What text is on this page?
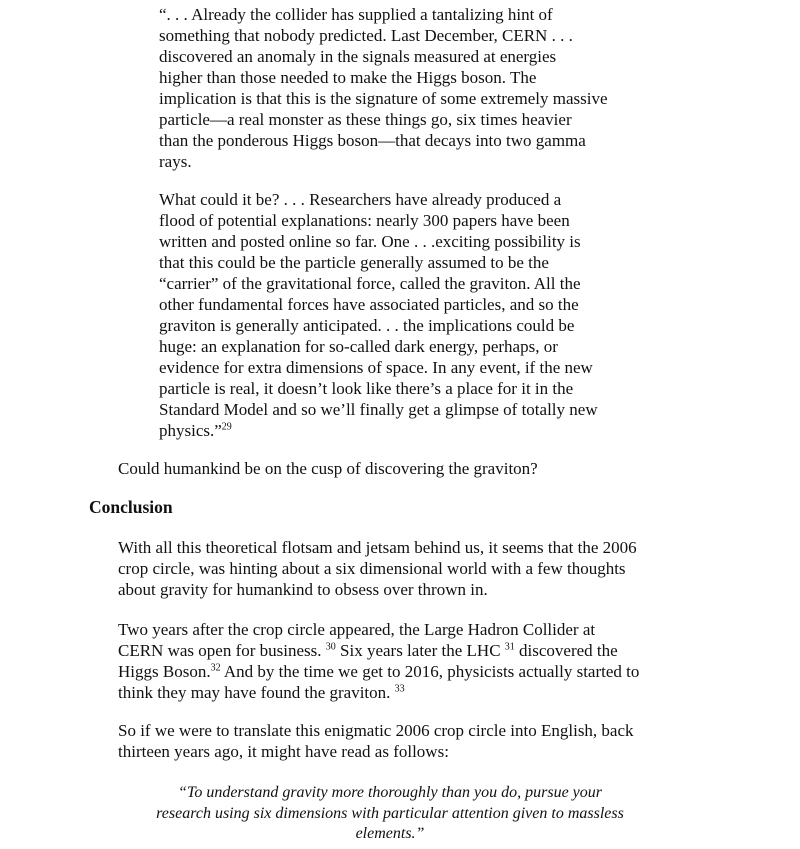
“. . . Already the collider has supplied a tantalizing hint of
something that nobody predicted. Last December, CERN . . .
discovered an anomaly in the signals measured at energies
higher than those needed to make the Higgs boson. The
implication is that this is the signature of some extremely massive
particle—a real monster as these things go, six times heavier
than the ponderous Higgs boson—that decays into two gamma
rays.

What could it be? . . . Researchers have already produced a
flood of potential explanations: nearly 300 papers have been
written and posted online so far. One . . .exciting possibility is
that this could be the particle generally assumed to be the
“carrier” of the gravitational force, called the graviton. All the
other fundamental forces have associated particles, and so the
graviton is generally anticipated. . . the implications could be
huge: an explanation for so-called dark energy, perhaps, or
evidence for extra dimensions of space. In any event, if the new
particle is real, it doesn’t look like there’s a place for it in the
Standard Model and so we’ll finally get a glimpse of totally new
physics.”$^{29}$

Could humankind be on the cusp of discovering the graviton?

Conclusion

With all this theoretical flotsam and jetsam behind us, it seems that the 2006
crop circle, was hinting about a six dimensional world with a few thoughts
about gravity for humankind to obsess over thrown in.

Two years after the crop circle appeared, the Large Hadron Collider at
CERN was open for business. $^{30}$ Six years later the LHC $^{31}$ discovered the
Higgs Boson.$^{32}$ And by the time we get to 2016, physicists actually started to
think they may have found the graviton. $^{33}$

So if we were to translate this enigmatic 2006 crop circle into English, back
thirteen years ago, it might have read as follows:

“To understand gravity more thoroughly than you do, pursue your
research using six dimensions with particular attention given to massless
elements.”
